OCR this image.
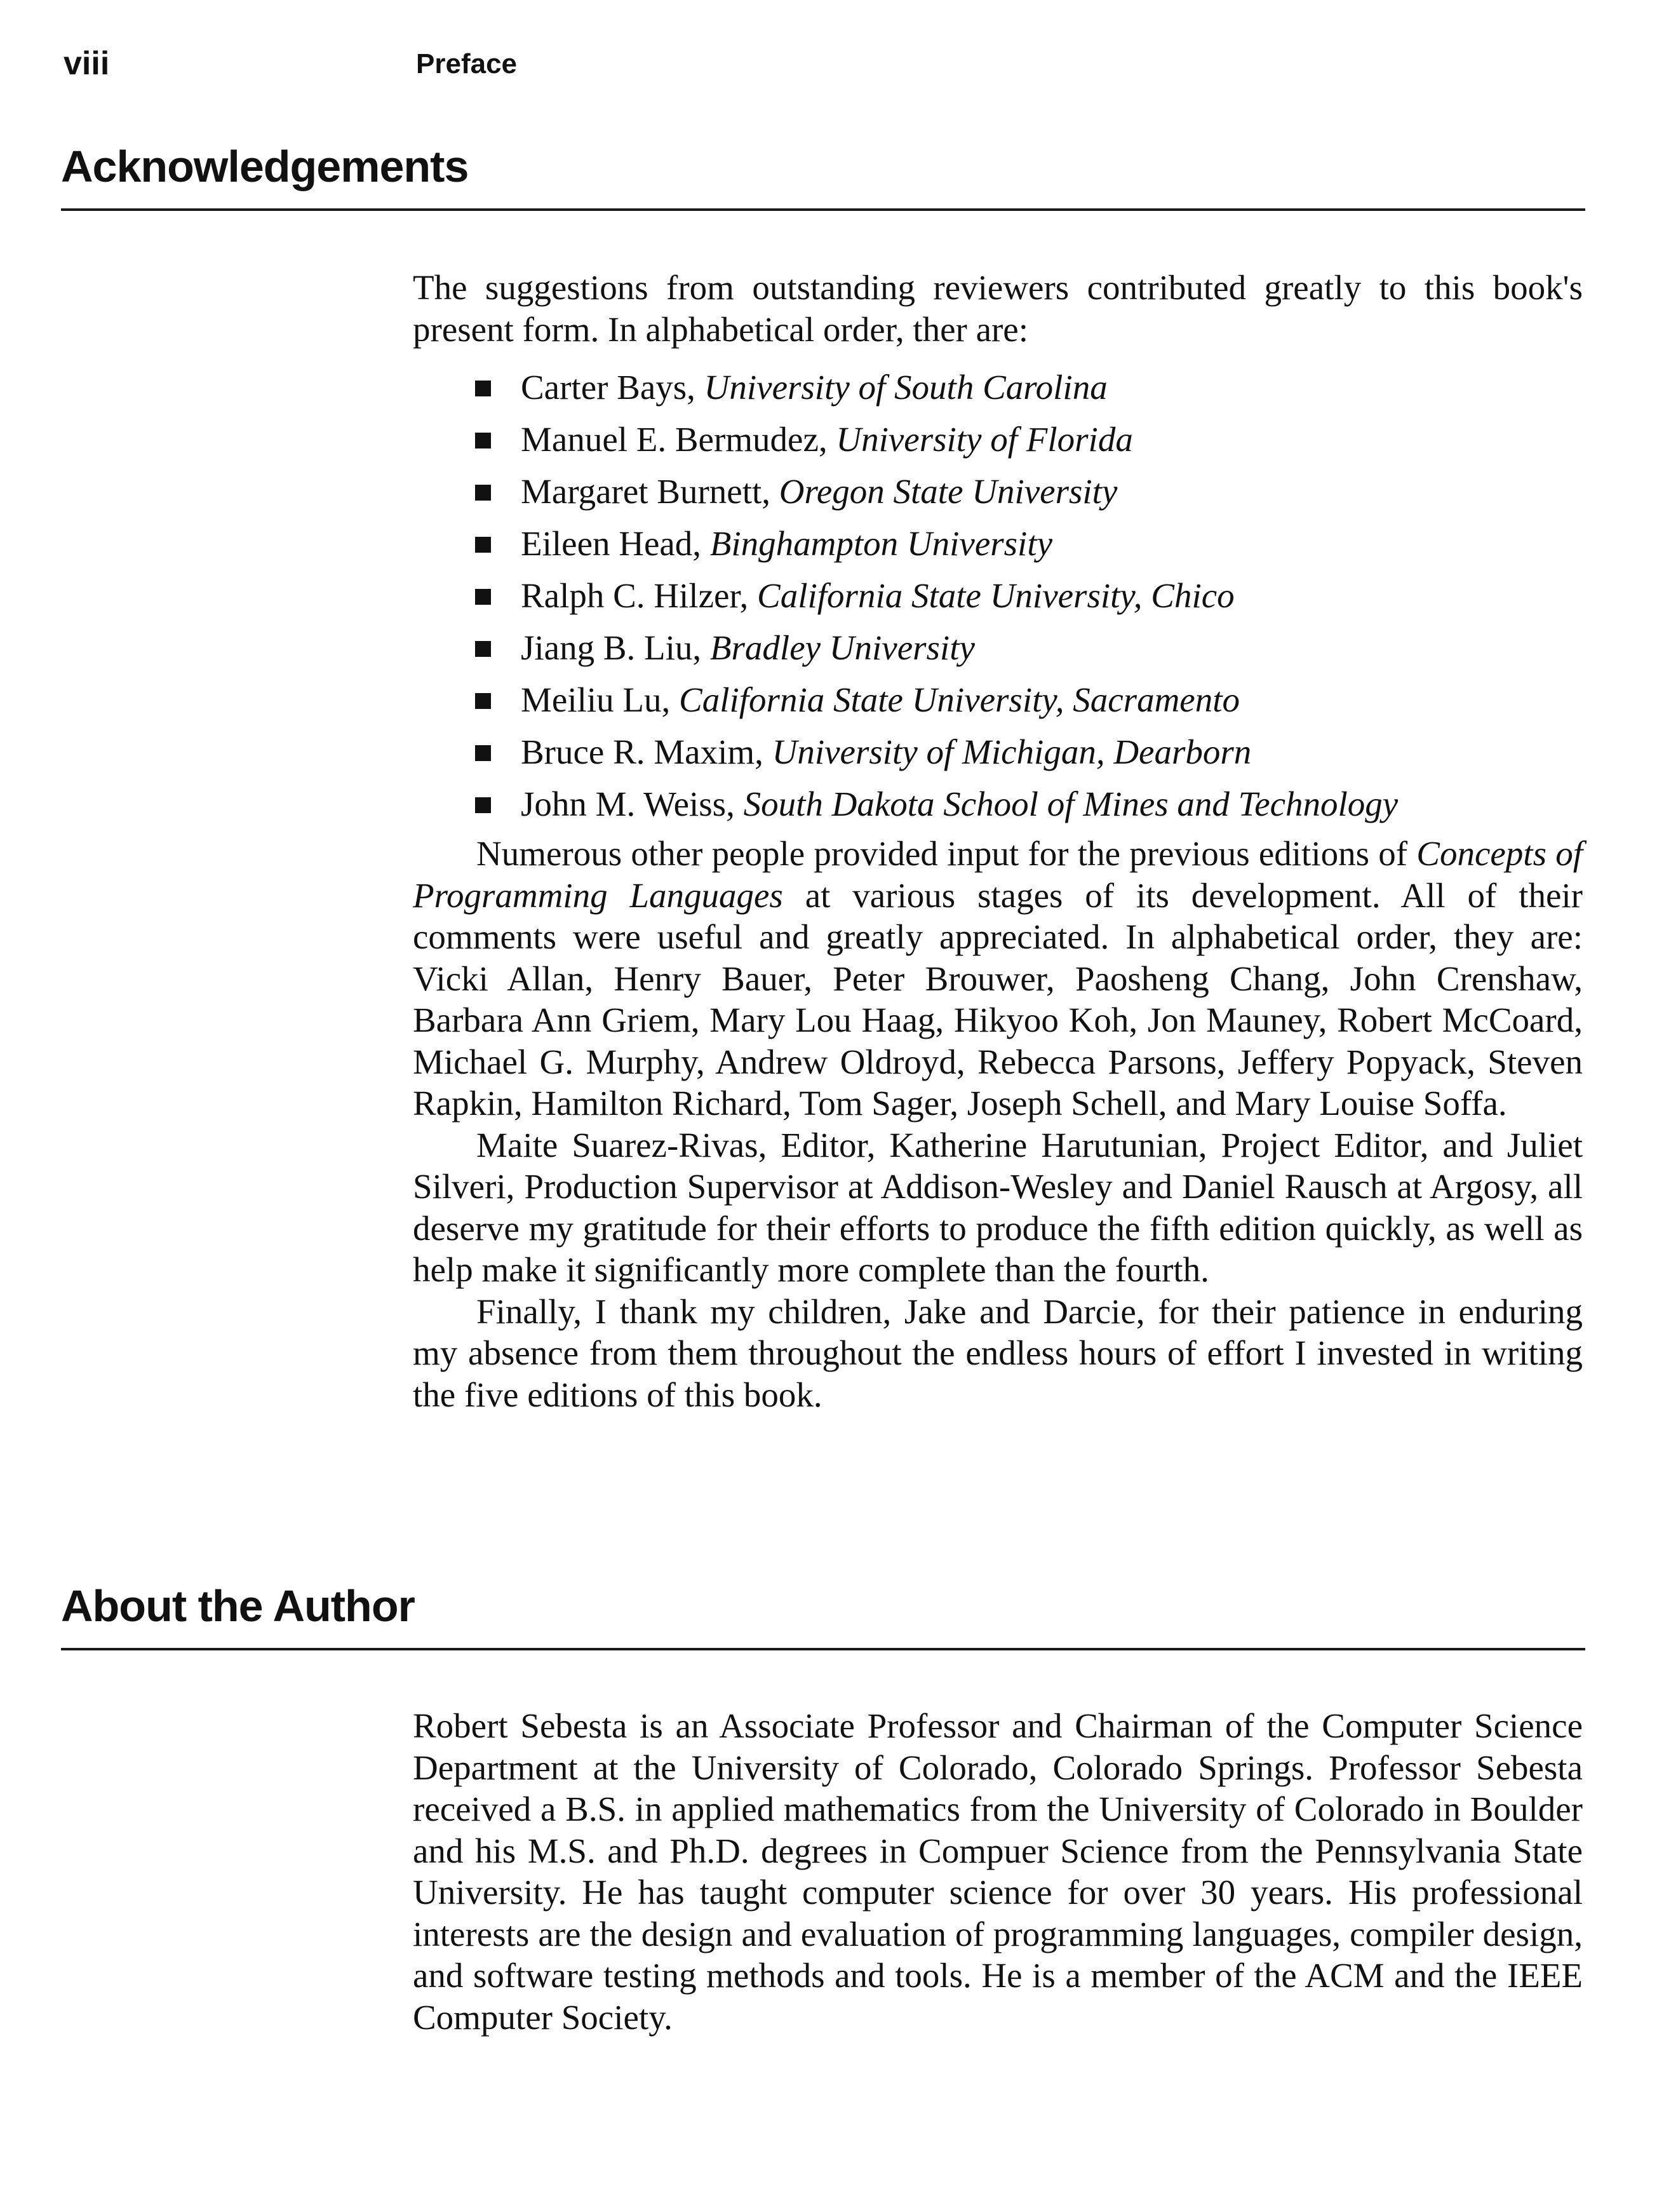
viii	Preface
Acknowledgements

The suggestions from outstanding reviewers contributed greatly to this book's present form. In alphabetical order, ther are:

Carter Bays, University of South Carolina
Manuel E. Bermudez, University of Florida
Margaret Burnett, Oregon State University
Eileen Head, Binghampton University
Ralph C. Hilzer, California State University, Chico
Jiang B. Liu, Bradley University
Meiliu Lu, California State University, Sacramento
Bruce R. Maxim, University of Michigan, Dearborn
John M. Weiss, South Dakota School of Mines and Technology

Numerous other people provided input for the previous editions of Concepts of Programming Languages at various stages of its development. All of their comments were useful and greatly appreciated. In alphabetical order, they are: Vicki Allan, Henry Bauer, Peter Brouwer, Paosheng Chang, John Crenshaw, Barbara Ann Griem, Mary Lou Haag, Hikyoo Koh, Jon Mauney, Robert McCoard, Michael G. Murphy, Andrew Oldroyd, Rebecca Parsons, Jeffery Popyack, Steven Rapkin, Hamilton Richard, Tom Sager, Joseph Schell, and Mary Louise Soffa.

Maite Suarez-Rivas, Editor, Katherine Harutunian, Project Editor, and Juliet Silveri, Production Supervisor at Addison-Wesley and Daniel Rausch at Argosy, all deserve my gratitude for their efforts to produce the fifth edition quickly, as well as help make it significantly more complete than the fourth.

Finally, I thank my children, Jake and Darcie, for their patience in enduring my absence from them throughout the endless hours of effort I invested in writing the five editions of this book.

About the Author

Robert Sebesta is an Associate Professor and Chairman of the Computer Science Department at the University of Colorado, Colorado Springs. Professor Sebesta received a B.S. in applied mathematics from the University of Colorado in Boulder and his M.S. and Ph.D. degrees in Compuer Science from the Pennsylvania State University. He has taught computer science for over 30 years. His professional interests are the design and evaluation of programming languages, compiler design, and software testing methods and tools. He is a member of the ACM and the IEEE Computer Society.
